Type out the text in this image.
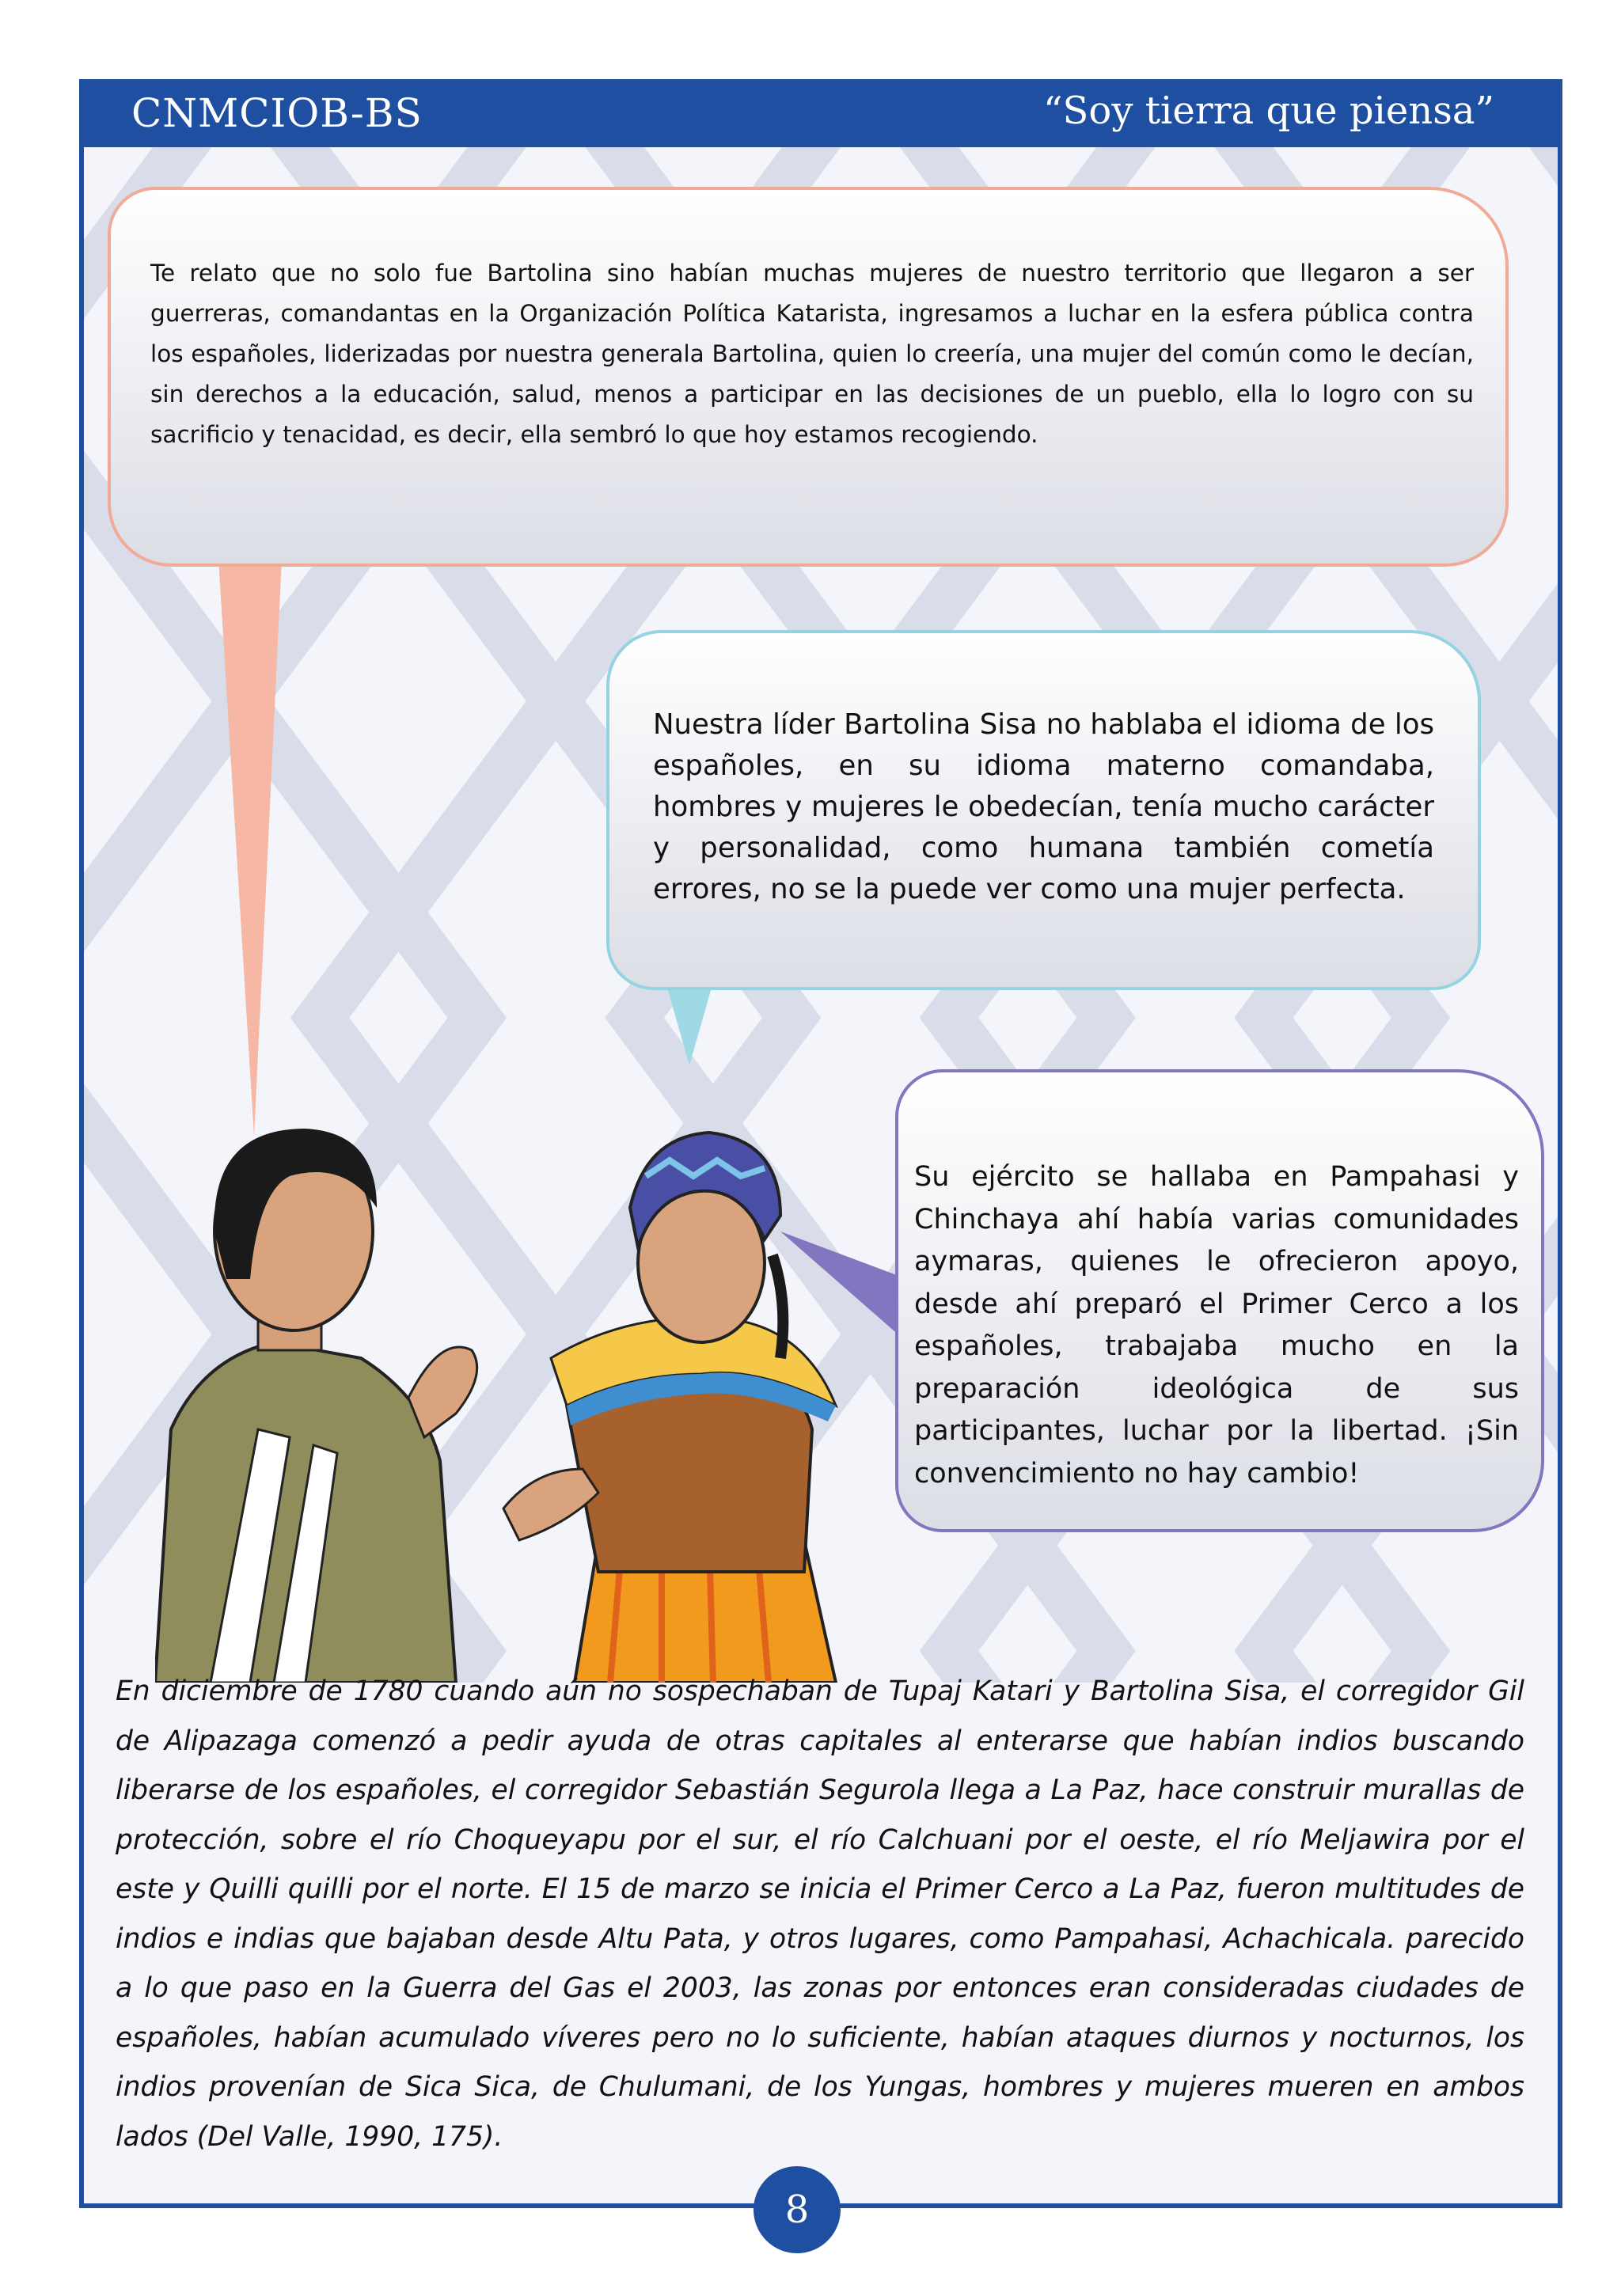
CNMCIOB-BS	“Soy tierra que piensa”
Te relato que no solo fue Bartolina sino habían muchas mujeres de nuestro territorio que llegaron a ser guerreras, comandantas en la Organización Política Katarista, ingresamos a luchar en la esfera pública contra los españoles, liderizadas por nuestra generala Bartolina, quien lo creería, una mujer del común como le decían, sin derechos a la educación, salud, menos a participar en las decisiones de un pueblo, ella lo logro con su sacrificio y tenacidad, es decir, ella sembró lo que hoy estamos recogiendo.
Nuestra líder Bartolina Sisa no hablaba el idioma de los españoles, en su idioma materno comandaba, hombres y mujeres le obedecían, tenía mucho carácter y personalidad, como humana también cometía errores, no se la puede ver como una mujer perfecta.
Su ejército se hallaba en Pampahasi y Chinchaya ahí había varias comunidades aymaras, quienes le ofrecieron apoyo, desde ahí preparó el Primer Cerco a los españoles, trabajaba mucho en la preparación ideológica de sus participantes, luchar por la libertad. ¡Sin convencimiento no hay cambio!
En diciembre de 1780 cuando aún no sospechaban de Tupaj Katari y Bartolina Sisa, el corregidor Gil de Alipazaga comenzó a pedir ayuda de otras capitales al enterarse que habían indios buscando liberarse de los españoles, el corregidor Sebastián Segurola llega a La Paz, hace construir murallas de protección, sobre el río Choqueyapu por el sur, el río Calchuani por el oeste, el río Meljawira por el este y Quilli quilli por el norte. El 15 de marzo se inicia el Primer Cerco a La Paz, fueron multitudes de indios e indias que bajaban desde Altu Pata, y otros lugares, como Pampahasi, Achachicala. parecido a lo que paso en la Guerra del Gas el 2003, las zonas por entonces eran consideradas ciudades de españoles, habían acumulado víveres pero no lo suficiente, habían ataques diurnos y nocturnos, los indios provenían de Sica Sica, de Chulumani, de los Yungas, hombres y mujeres mueren en ambos lados (Del Valle, 1990, 175).
8
